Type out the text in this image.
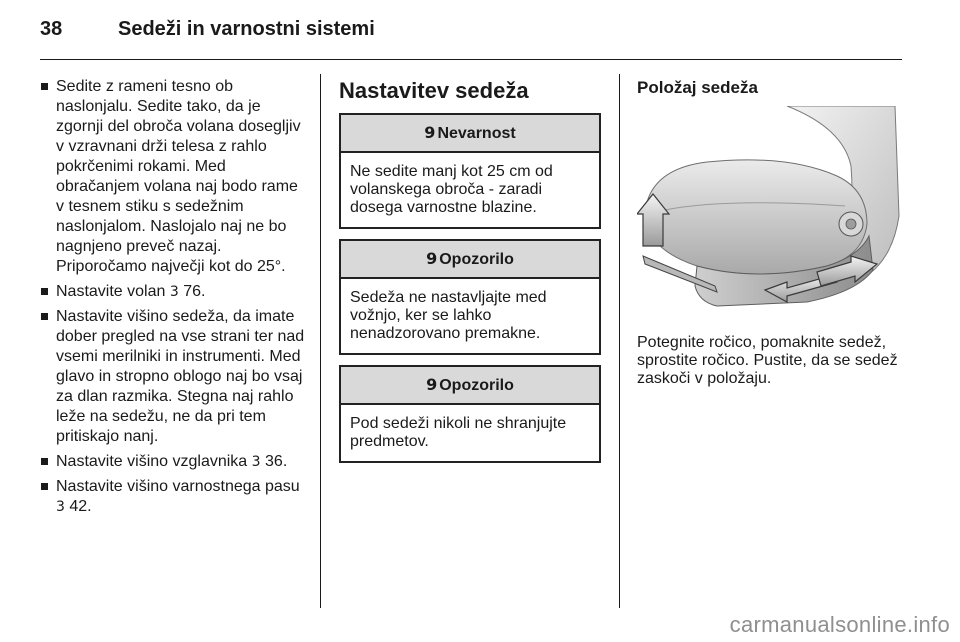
38	Sedeži in varnostni sistemi
Sedite z rameni tesno ob naslonjalu. Sedite tako, da je zgornji del obroča volana dosegljiv v vzravnani drži telesa z rahlo pokrčenimi rokami. Med obračanjem volana naj bodo rame v tesnem stiku s sedežnim naslonjalom. Naslojalo naj ne bo nagnjeno preveč nazaj. Priporočamo največji kot do 25°.
Nastavite volan 3 76.
Nastavite višino sedeža, da imate dober pregled na vse strani ter nad vsemi merilniki in instrumenti. Med glavo in stropno oblogo naj bo vsaj za dlan razmika. Stegna naj rahlo leže na sedežu, ne da pri tem pritiskajo nanj.
Nastavite višino vzglavnika 3 36.
Nastavite višino varnostnega pasu 3 42.
Nastavitev sedeža
9 Nevarnost
Ne sedite manj kot 25 cm od volanskega obroča - zaradi dosega varnostne blazine.
9 Opozorilo
Sedeža ne nastavljajte med vožnjo, ker se lahko nenadzorovano premakne.
9 Opozorilo
Pod sedeži nikoli ne shranjujte predmetov.
Položaj sedeža
Potegnite ročico, pomaknite sedež, sprostite ročico. Pustite, da se sedež zaskoči v položaju.
carmanualsonline.info
